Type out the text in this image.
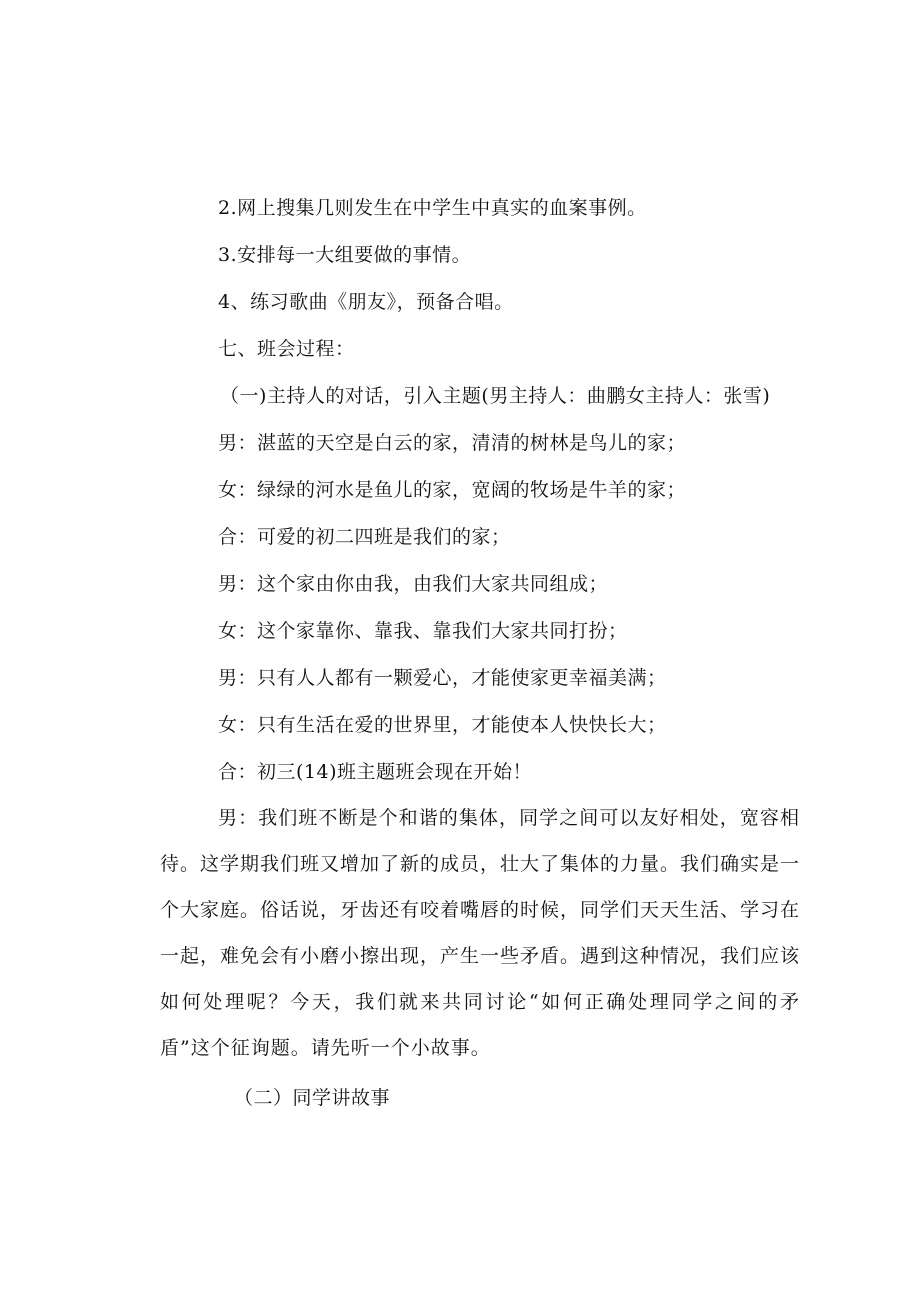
2.网上搜集几则发生在中学生中真实的血案事例。
3.安排每一大组要做的事情。
4、练习歌曲《朋友》，预备合唱。
七、班会过程：
（一)主持人的对话，引入主题(男主持人：曲鹏女主持人：张雪)
男：湛蓝的天空是白云的家，清清的树林是鸟儿的家；
女：绿绿的河水是鱼儿的家，宽阔的牧场是牛羊的家；
合：可爱的初二四班是我们的家；
男：这个家由你由我，由我们大家共同组成；
女：这个家靠你、靠我、靠我们大家共同打扮；
男：只有人人都有一颗爱心，才能使家更幸福美满；
女：只有生活在爱的世界里，才能使本人快快长大；
合：初三(14)班主题班会现在开始！
男：我们班不断是个和谐的集体，同学之间可以友好相处，宽容相待。这学期我们班又增加了新的成员，壮大了集体的力量。我们确实是一个大家庭。俗话说，牙齿还有咬着嘴唇的时候，同学们天天生活、学习在一起，难免会有小磨小擦出现，产生一些矛盾。遇到这种情况，我们应该如何处理呢？今天，我们就来共同讨论“如何正确处理同学之间的矛盾”这个征询题。请先听一个小故事。
（二）同学讲故事
